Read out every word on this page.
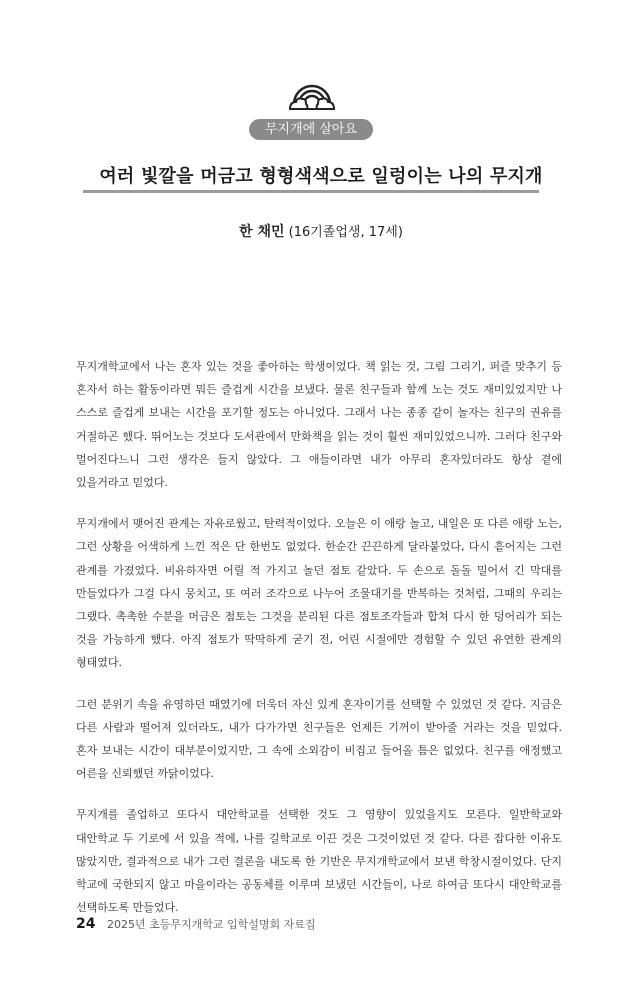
무지개에 살아요
여러 빛깔을 머금고 형형색색으로 일렁이는 나의 무지개
한 채민 (16기졸업생, 17세)

무지개학교에서 나는 혼자 있는 것을 좋아하는 학생이었다. 책 읽는 것, 그림 그리기, 퍼즐 맞추기 등 혼자서 하는 활동이라면 뭐든 즐겁게 시간을 보냈다. 물론 친구들과 함께 노는 것도 재미있었지만 나 스스로 즐겁게 보내는 시간을 포기할 정도는 아니었다. 그래서 나는 종종 같이 놀자는 친구의 권유를 거절하곤 했다. 뛰어노는 것보다 도서관에서 만화책을 읽는 것이 훨씬 재미있었으니까. 그러다 친구와 멀어진다느니 그런 생각은 들지 않았다. 그 애들이라면 내가 아무리 혼자있더라도 항상 곁에 있을거라고 믿었다.

무지개에서 맺어진 관계는 자유로웠고, 탄력적이었다. 오늘은 이 애랑 놀고, 내일은 또 다른 애랑 노는, 그런 상황을 어색하게 느낀 적은 단 한번도 없었다. 한순간 끈끈하게 달라붙었다, 다시 흩어지는 그런 관계를 가졌었다. 비유하자면 어릴 적 가지고 놀던 점토 같았다. 두 손으로 돌돌 밀어서 긴 막대를 만들었다가 그걸 다시 뭉치고, 또 여러 조각으로 나누어 조물대기를 반복하는 것처럼, 그때의 우리는 그랬다. 촉촉한 수분을 머금은 점토는 그것을 분리된 다른 점토조각들과 합쳐 다시 한 덩어리가 되는 것을 가능하게 했다. 아직 점토가 딱딱하게 굳기 전, 어린 시절에만 경험할 수 있던 유연한 관계의 형태였다.

그런 분위기 속을 유영하던 때였기에 더욱더 자신 있게 혼자이기를 선택할 수 있었던 것 같다. 지금은 다른 사람과 떨어져 있더라도, 내가 다가가면 친구들은 언제든 기꺼이 받아줄 거라는 것을 믿었다. 혼자 보내는 시간이 대부분이었지만, 그 속에 소외감이 비집고 들어올 틈은 없었다. 친구를 애정했고 어른을 신뢰했던 까닭이었다.

무지개를 졸업하고 또다시 대안학교를 선택한 것도 그 영향이 있었을지도 모른다. 일반학교와 대안학교 두 기로에 서 있을 적에, 나를 길학교로 이끈 것은 그것이었던 것 같다. 다른 잡다한 이유도 많았지만, 결과적으로 내가 그런 결론을 내도록 한 기반은 무지개학교에서 보낸 학창시절이었다. 단지 학교에 국한되지 않고 마을이라는 공동체를 이루며 보냈던 시간들이, 나로 하여금 또다시 대안학교를 선택하도록 만들었다.

24 2025년 초등무지개학교 입학설명회 자료집
